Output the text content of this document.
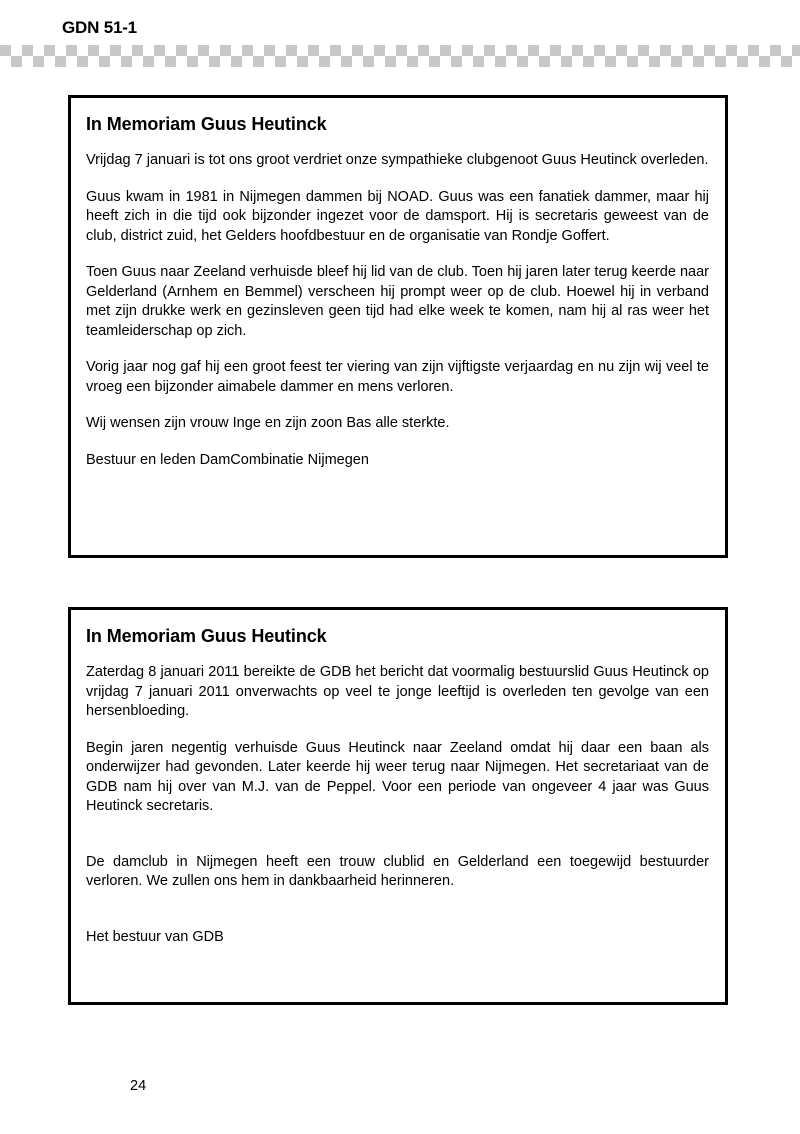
GDN 51-1
In Memoriam Guus Heutinck

Vrijdag 7 januari is tot ons groot verdriet onze sympathieke clubgenoot Guus Heutinck overleden.

Guus kwam in 1981 in Nijmegen dammen bij NOAD. Guus was een fanatiek dammer, maar hij heeft zich in die tijd ook bijzonder ingezet voor de damsport. Hij is secretaris geweest van de club, district zuid, het Gelders hoofdbestuur en de organisatie van Rondje Goffert.

Toen Guus naar Zeeland verhuisde bleef hij lid van de club. Toen hij jaren later terug keerde naar Gelderland (Arnhem en Bemmel) verscheen hij prompt weer op de club. Hoewel hij in verband met zijn drukke werk en gezinsleven geen tijd had elke week te komen, nam hij al ras weer het teamleiderschap op zich.

Vorig jaar nog gaf hij een groot feest ter viering van zijn vijftigste verjaardag en nu zijn wij veel te vroeg een bijzonder aimabele dammer en mens verloren.

Wij wensen zijn vrouw Inge en zijn zoon Bas alle sterkte.

Bestuur en leden DamCombinatie Nijmegen

In Memoriam Guus Heutinck

Zaterdag 8 januari 2011 bereikte de GDB het bericht dat voormalig bestuurslid Guus Heutinck op vrijdag 7 januari 2011 onverwachts op veel te jonge leeftijd is overleden ten gevolge van een hersenbloeding.

Begin jaren negentig verhuisde Guus Heutinck naar Zeeland omdat hij daar een baan als onderwijzer had gevonden. Later keerde hij weer terug naar Nijmegen. Het secretariaat van de GDB nam hij over van M.J. van de Peppel. Voor een periode van ongeveer 4 jaar was Guus Heutinck secretaris.

De damclub in Nijmegen heeft een trouw clublid en Gelderland een toegewijd bestuurder verloren. We zullen ons hem in dankbaarheid herinneren.

Het bestuur van GDB

24
